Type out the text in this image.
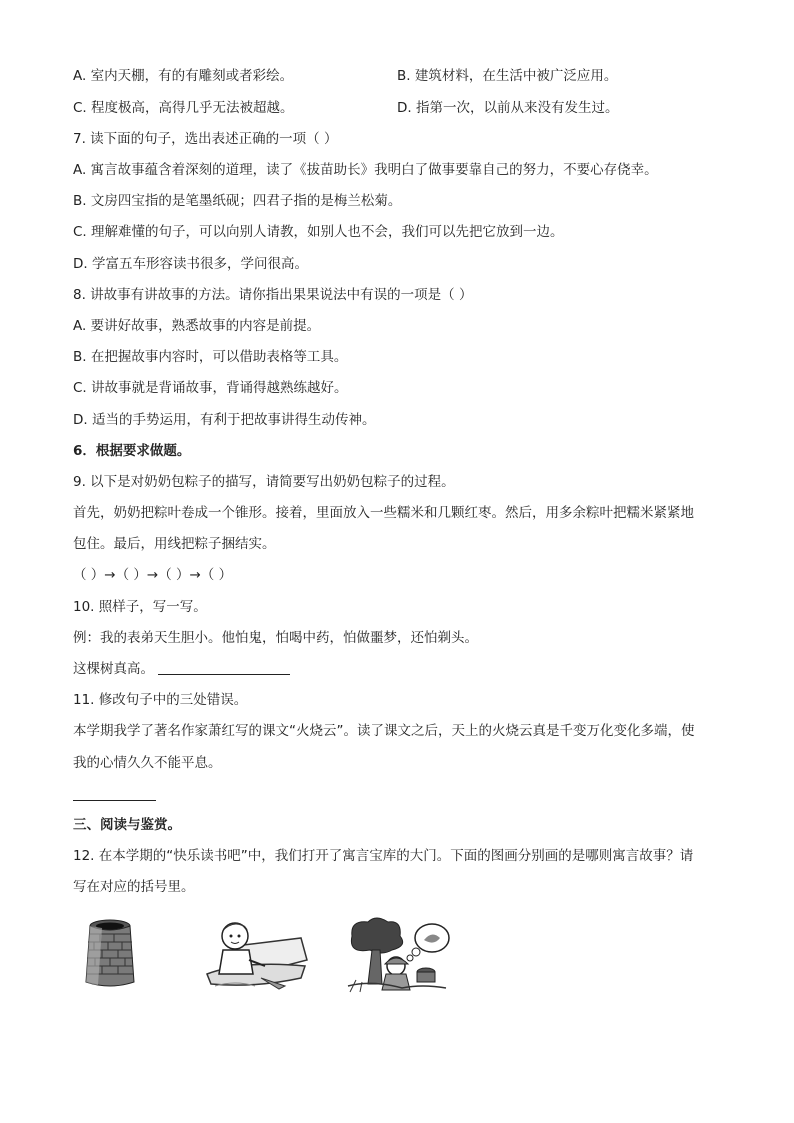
A. 室内天棚，有的有雕刻或者彩绘。	B. 建筑材料，在生活中被广泛应用。
C. 程度极高，高得几乎无法被超越。	D. 指第一次，以前从来没有发生过。
7. 读下面的句子，选出表述正确的一项（ ）
A. 寓言故事蕴含着深刻的道理，读了《拔苗助长》我明白了做事要靠自己的努力，不要心存侥幸。
B. 文房四宝指的是笔墨纸砚；四君子指的是梅兰松菊。
C. 理解难懂的句子，可以向别人请教，如别人也不会，我们可以先把它放到一边。
D. 学富五车形容读书很多，学问很高。
8. 讲故事有讲故事的方法。请你指出果果说法中有误的一项是（ ）
A. 要讲好故事，熟悉故事的内容是前提。
B. 在把握故事内容时，可以借助表格等工具。
C. 讲故事就是背诵故事，背诵得越熟练越好。
D. 适当的手势运用，有利于把故事讲得生动传神。
6．根据要求做题。
9. 以下是对奶奶包粽子的描写，请简要写出奶奶包粽子的过程。
首先，奶奶把粽叶卷成一个锥形。接着，里面放入一些糯米和几颗红枣。然后，用多余粽叶把糯米紧紧地
包住。最后，用线把粽子捆结实。
（ ）→（ ）→（ ）→（ ）
10. 照样子，写一写。
例：我的表弟天生胆小。他怕鬼，怕喝中药，怕做噩梦，还怕剃头。
这棵树真高。
11. 修改句子中的三处错误。
本学期我学了著名作家萧红写的课文“火烧云”。读了课文之后，天上的火烧云真是千变万化变化多端，使
我的心情久久不能平息。
三、阅读与鉴赏。
12. 在本学期的“快乐读书吧”中，我们打开了寓言宝库的大门。下面的图画分别画的是哪则寓言故事？请
写在对应的括号里。
